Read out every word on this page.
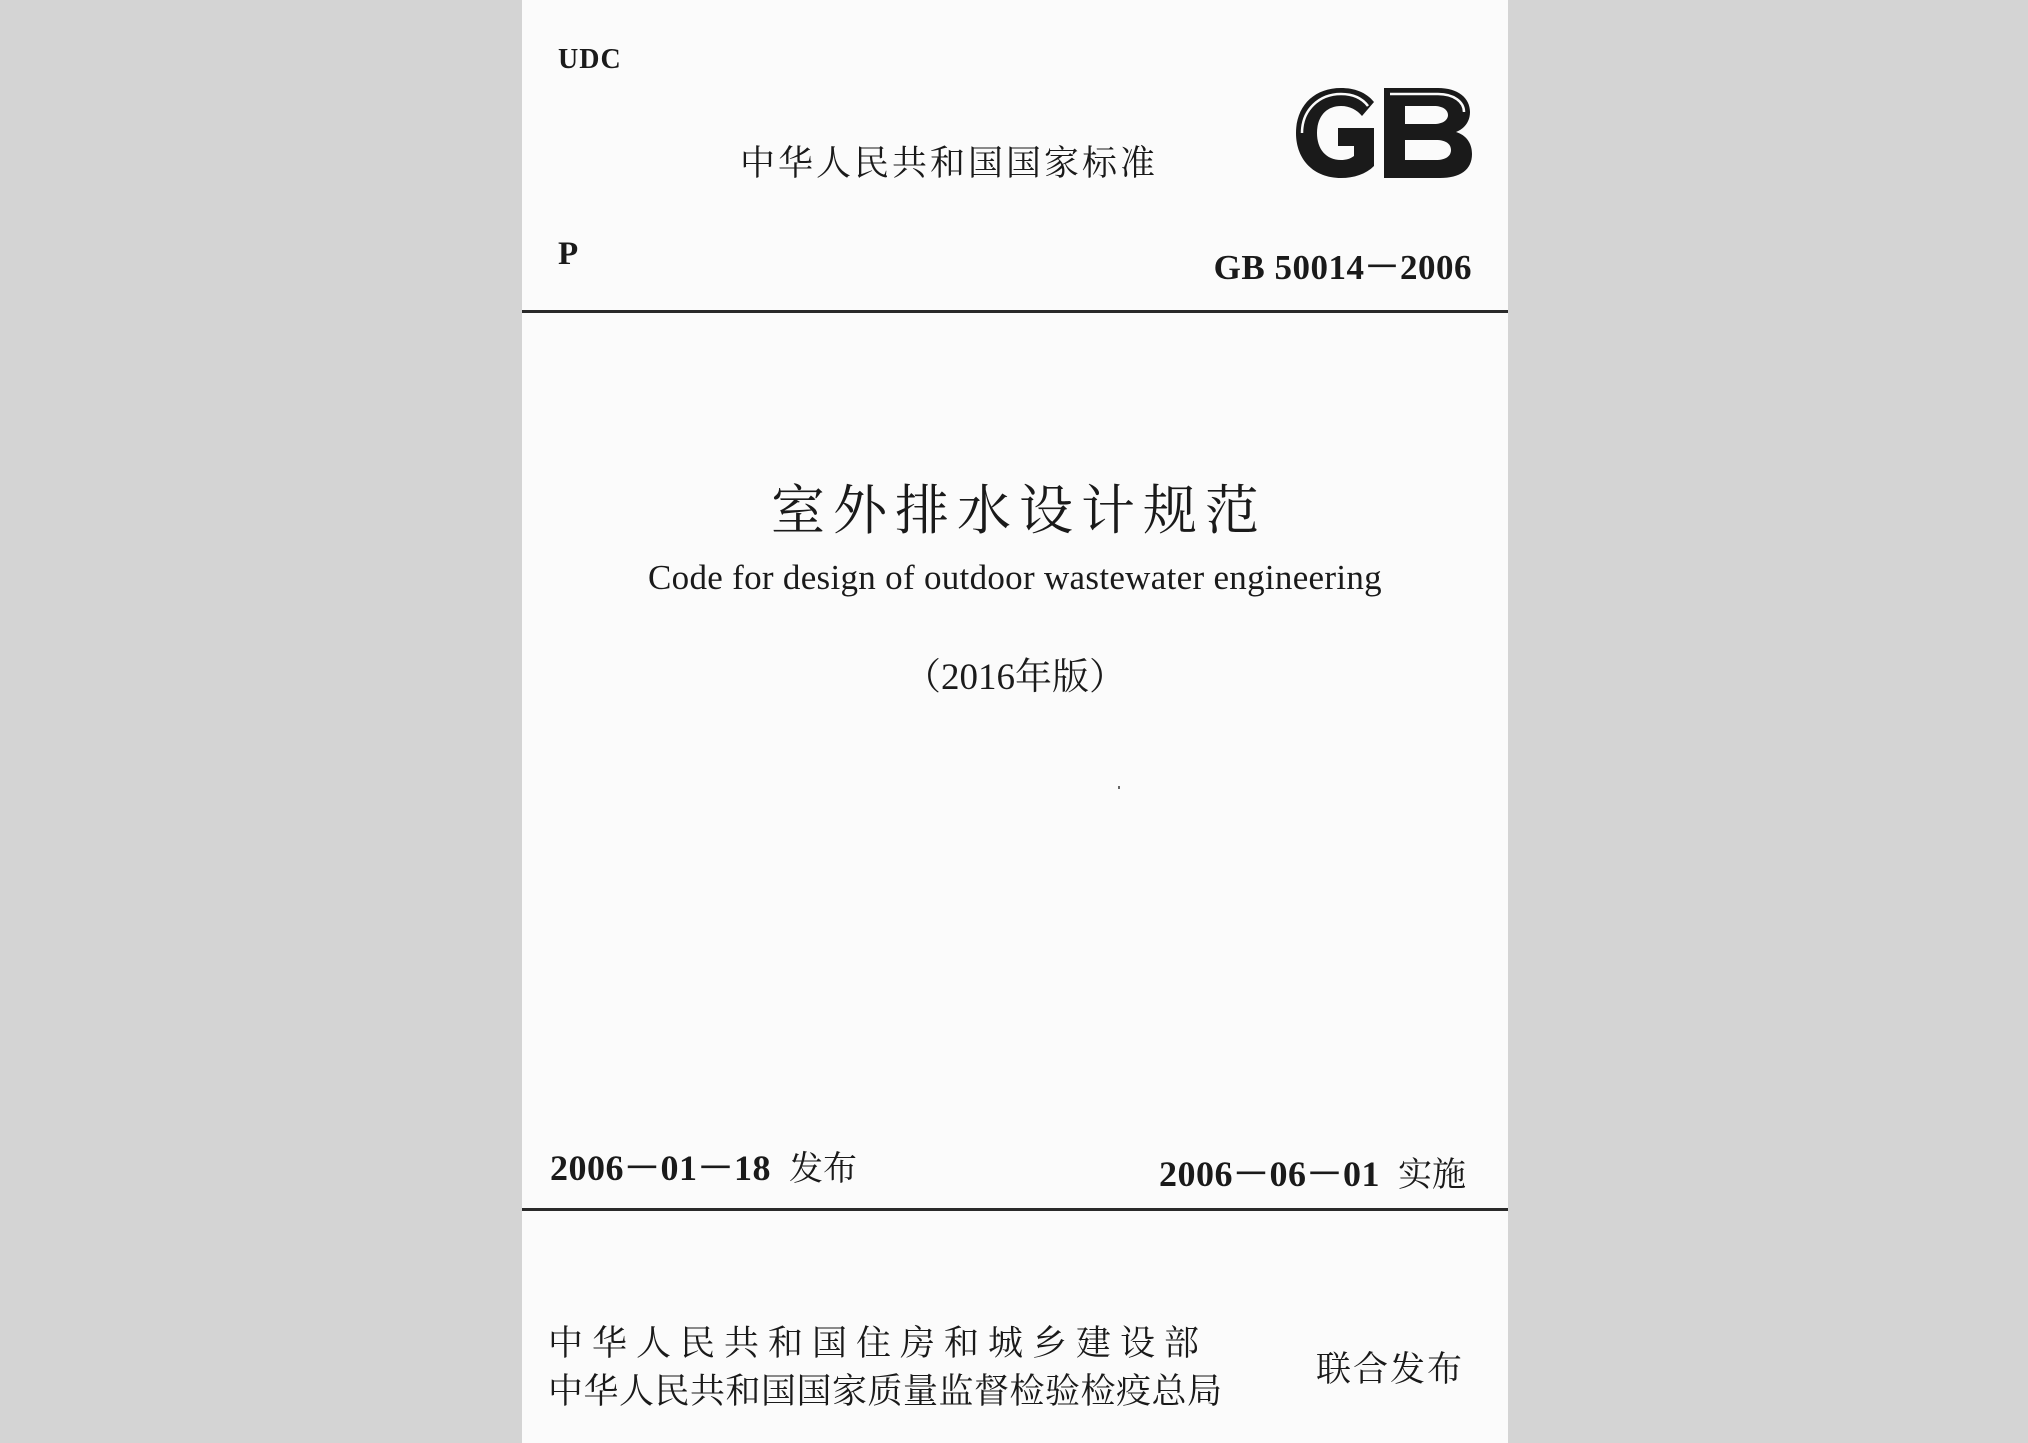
UDC
中华人民共和国国家标准
P	GB 50014－2006
室外排水设计规范
Code for design of outdoor wastewater engineering
（2016年版）
2006－01－18 发布	2006－06－01 实施
中华人民共和国住房和城乡建设部
中华人民共和国国家质量监督检验检疫总局
联合发布
